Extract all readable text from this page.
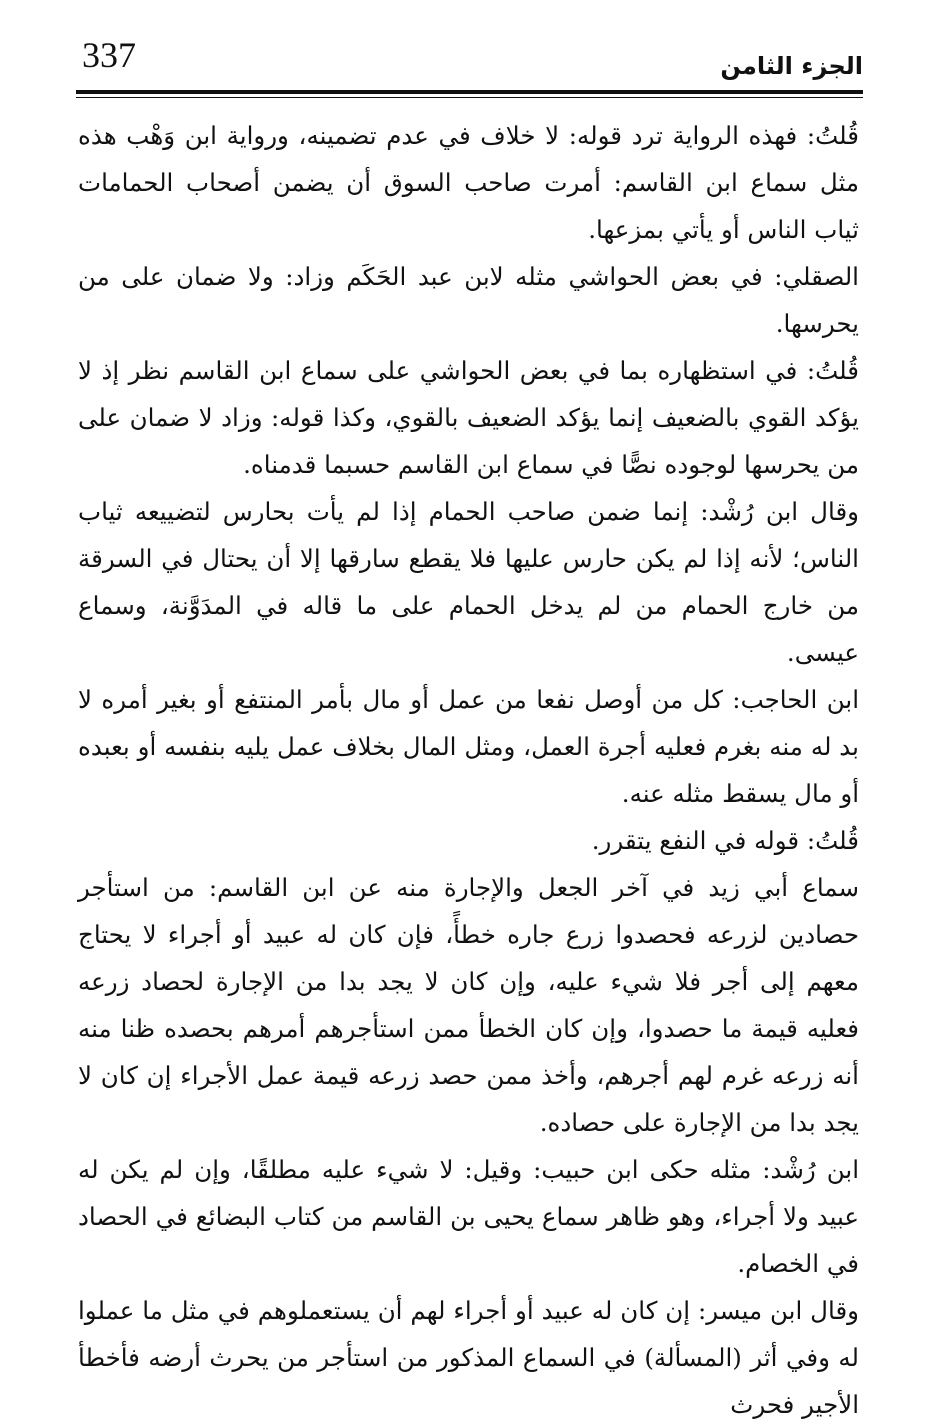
337	الجزء الثامن

قُلتُ: فهذه الرواية ترد قوله: لا خلاف في عدم تضمينه، ورواية ابن وَهْب هذه مثل سماع ابن القاسم: أمرت صاحب السوق أن يضمن أصحاب الحمامات ثياب الناس أو يأتي بمزعها.

الصقلي: في بعض الحواشي مثله لابن عبد الحَكَم وزاد: ولا ضمان على من يحرسها.

قُلتُ: في استظهاره بما في بعض الحواشي على سماع ابن القاسم نظر إذ لا يؤكد القوي بالضعيف إنما يؤكد الضعيف بالقوي، وكذا قوله: وزاد لا ضمان على من يحرسها لوجوده نصًّا في سماع ابن القاسم حسبما قدمناه.

وقال ابن رُشْد: إنما ضمن صاحب الحمام إذا لم يأت بحارس لتضييعه ثياب الناس؛ لأنه إذا لم يكن حارس عليها فلا يقطع سارقها إلا أن يحتال في السرقة من خارج الحمام من لم يدخل الحمام على ما قاله في المدَوَّنة، وسماع عيسى.

ابن الحاجب: كل من أوصل نفعا من عمل أو مال بأمر المنتفع أو بغير أمره لا بد له منه بغرم فعليه أجرة العمل، ومثل المال بخلاف عمل يليه بنفسه أو بعبده أو مال يسقط مثله عنه.

قُلتُ: قوله في النفع يتقرر.

سماع أبي زيد في آخر الجعل والإجارة منه عن ابن القاسم: من استأجر حصادين لزرعه فحصدوا زرع جاره خطأً، فإن كان له عبيد أو أجراء لا يحتاج معهم إلى أجر فلا شيء عليه، وإن كان لا يجد بدا من الإجارة لحصاد زرعه فعليه قيمة ما حصدوا، وإن كان الخطأ ممن استأجرهم أمرهم بحصده ظنا منه أنه زرعه غرم لهم أجرهم، وأخذ ممن حصد زرعه قيمة عمل الأجراء إن كان لا يجد بدا من الإجارة على حصاده.

ابن رُشْد: مثله حكى ابن حبيب: وقيل: لا شيء عليه مطلقًا، وإن لم يكن له عبيد ولا أجراء، وهو ظاهر سماع يحيى بن القاسم من كتاب البضائع في الحصاد في الخصام.

وقال ابن ميسر: إن كان له عبيد أو أجراء لهم أن يستعملوهم في مثل ما عملوا له وفي أثر (المسألة) في السماع المذكور من استأجر من يحرث أرضه فأخطأ الأجير فحرث
